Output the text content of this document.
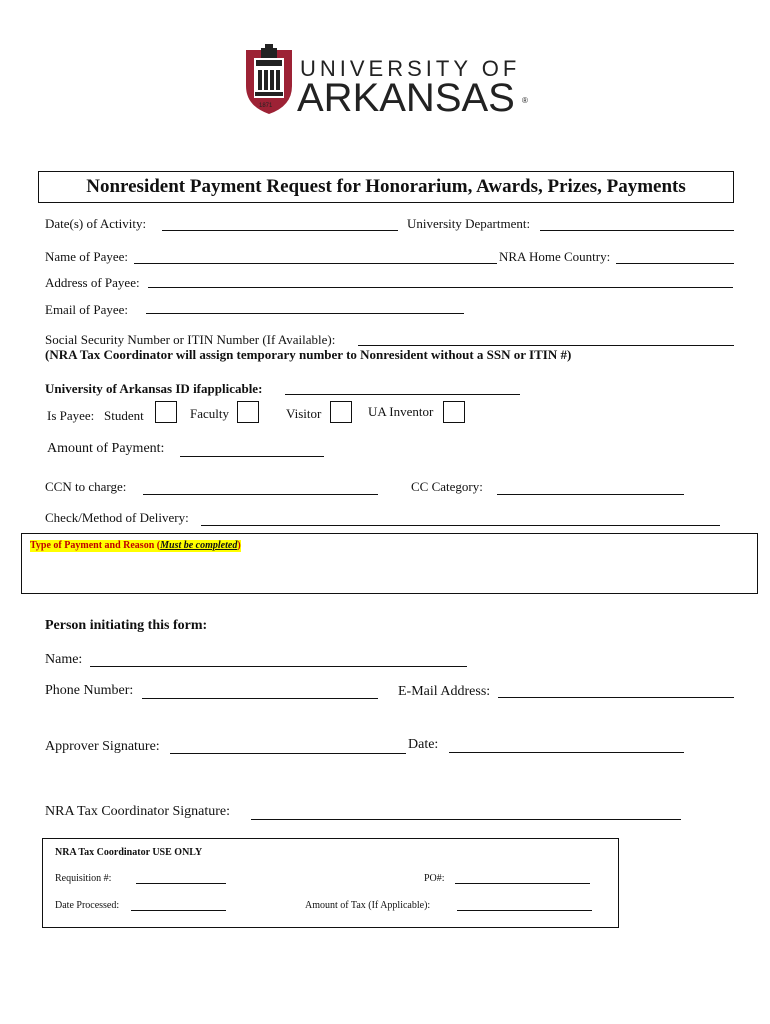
1871
UNIVERSITY OF
ARKANSAS ®
Nonresident Payment Request for Honorarium, Awards, Prizes, Payments
Date(s) of Activity:	University Department:
Name of Payee:	NRA Home Country:
Address of Payee:
Email of Payee:
Social Security Number or ITIN Number (If Available):
(NRA Tax Coordinator will assign temporary number to Nonresident without a SSN or ITIN #)
University of Arkansas ID ifapplicable:
Is Payee: Student	Faculty	Visitor	UA Inventor
Amount of Payment:
CCN to charge:	CC Category:
Check/Method of Delivery:
Type of Payment and Reason (Must be completed)
Person initiating this form:
Name:
Phone Number:	E-Mail Address:
Approver Signature:	Date:
NRA Tax Coordinator Signature:
NRA Tax Coordinator USE ONLY
Requisition #:	PO#:
Date Processed:	Amount of Tax (If Applicable):
